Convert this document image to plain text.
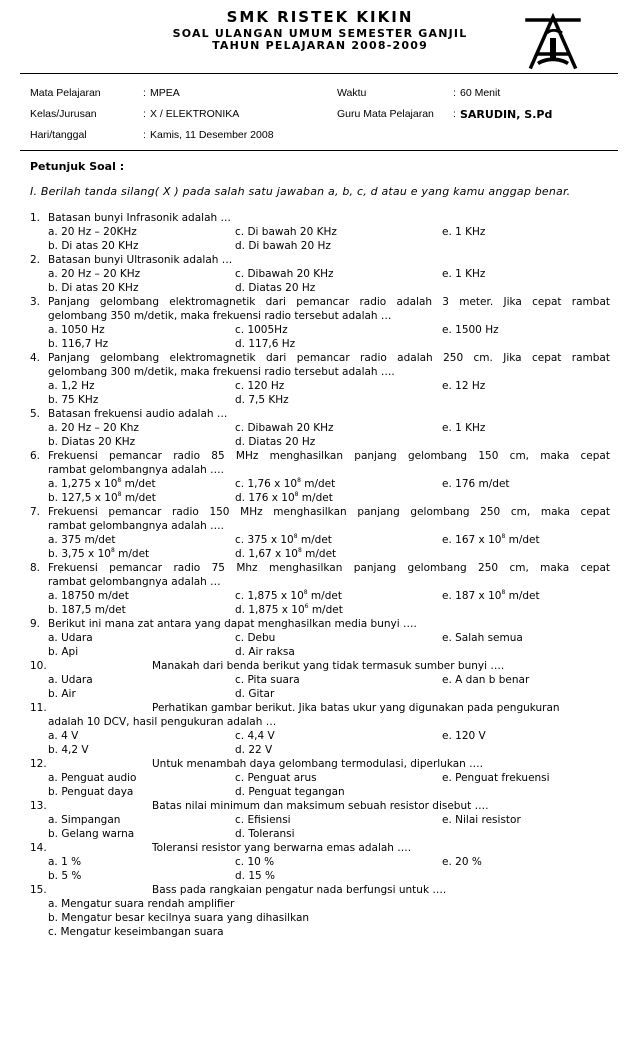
SMK RISTEK KIKIN
SOAL ULANGAN UMUM SEMESTER GANJIL
TAHUN PELAJARAN 2008-2009
Mata Pelajaran	: MPEA	Waktu	: 60 Menit
Kelas/Jurusan	: X / ELEKTRONIKA	Guru Mata Pelajaran : SARUDIN, S.Pd
Hari/tanggal	: Kamis, 11 Desember 2008
Petunjuk Soal :
I. Berilah tanda silang( X ) pada salah satu jawaban a, b, c, d atau e yang kamu anggap benar.
1. Batasan bunyi Infrasonik adalah …
a. 20 Hz – 20KHz	c. Di bawah 20 KHz	e. 1 KHz
b. Di atas 20 KHz	d. Di bawah 20 Hz
2. Batasan bunyi Ultrasonik adalah …
a. 20 Hz – 20 KHz	c. Dibawah 20 KHz	e. 1 KHz
b. Di atas 20 KHz	d. Diatas 20 Hz
3. Panjang gelombang elektromagnetik dari pemancar radio adalah 3 meter. Jika cepat rambat
gelombang 350 m/detik, maka frekuensi radio tersebut adalah …
a. 1050 Hz	c. 1005Hz	e. 1500 Hz
b. 116,7 Hz	d. 117,6 Hz
4. Panjang gelombang elektromagnetik dari pemancar radio adalah 250 cm. Jika cepat rambat
gelombang 300 m/detik, maka frekuensi radio tersebut adalah ….
a. 1,2 Hz	c. 120 Hz	e. 12 Hz
b. 75 KHz	d. 7,5 KHz
5. Batasan frekuensi audio adalah …
a. 20 Hz – 20 Khz	c. Dibawah 20 KHz	e. 1 KHz
b. Diatas 20 KHz	d. Diatas 20 Hz
6. Frekuensi pemancar radio 85 MHz menghasilkan panjang gelombang 150 cm, maka cepat
rambat gelombangnya adalah ….
a. 1,275 x $10^8$ m/det	c. 1,76 x $10^8$ m/det	e. 176 m/det
b. 127,5 x $10^8$ m/det	d. 176 x $10^8$ m/det
7. Frekuensi pemancar radio 150 MHz menghasilkan panjang gelombang 250 cm, maka cepat
rambat gelombangnya adalah ….
a. 375 m/det	c. 375 x $10^8$ m/det	e. 167 x $10^8$ m/det
b. 3,75 x $10^8$ m/det	d. 1,67 x $10^8$ m/det
8. Frekuensi pemancar radio 75 Mhz menghasilkan panjang gelombang 250 cm, maka cepat
rambat gelombangnya adalah …
a. 18750 m/det	c. 1,875 x $10^8$ m/det	e. 187 x $10^8$ m/det
b. 187,5 m/det	d. 1,875 x $10^6$ m/det
9. Berikut ini mana zat antara yang dapat menghasilkan media bunyi ….
a. Udara	c. Debu	e. Salah semua
b. Api	d. Air raksa
10.	Manakah dari benda berikut yang tidak termasuk sumber bunyi ….
a. Udara	c. Pita suara	e. A dan b benar
b. Air	d. Gitar
11.	Perhatikan gambar berikut. Jika batas ukur yang digunakan pada pengukuran
adalah 10 DCV, hasil pengukuran adalah …
a. 4 V	c. 4,4 V	e. 120 V
b. 4,2 V	d. 22 V
12.	Untuk menambah daya gelombang termodulasi, diperlukan ….
a. Penguat audio	c. Penguat arus	e. Penguat frekuensi
b. Penguat daya	d. Penguat tegangan
13.	Batas nilai minimum dan maksimum sebuah resistor disebut ….
a. Simpangan	c. Efisiensi	e. Nilai resistor
b. Gelang warna	d. Toleransi
14.	Toleransi resistor yang berwarna emas adalah ….
a. 1 %	c. 10 %	e. 20 %
b. 5 %	d. 15 %
15.	Bass pada rangkaian pengatur nada berfungsi untuk ….
a. Mengatur suara rendah amplifier
b. Mengatur besar kecilnya suara yang dihasilkan
c. Mengatur keseimbangan suara
